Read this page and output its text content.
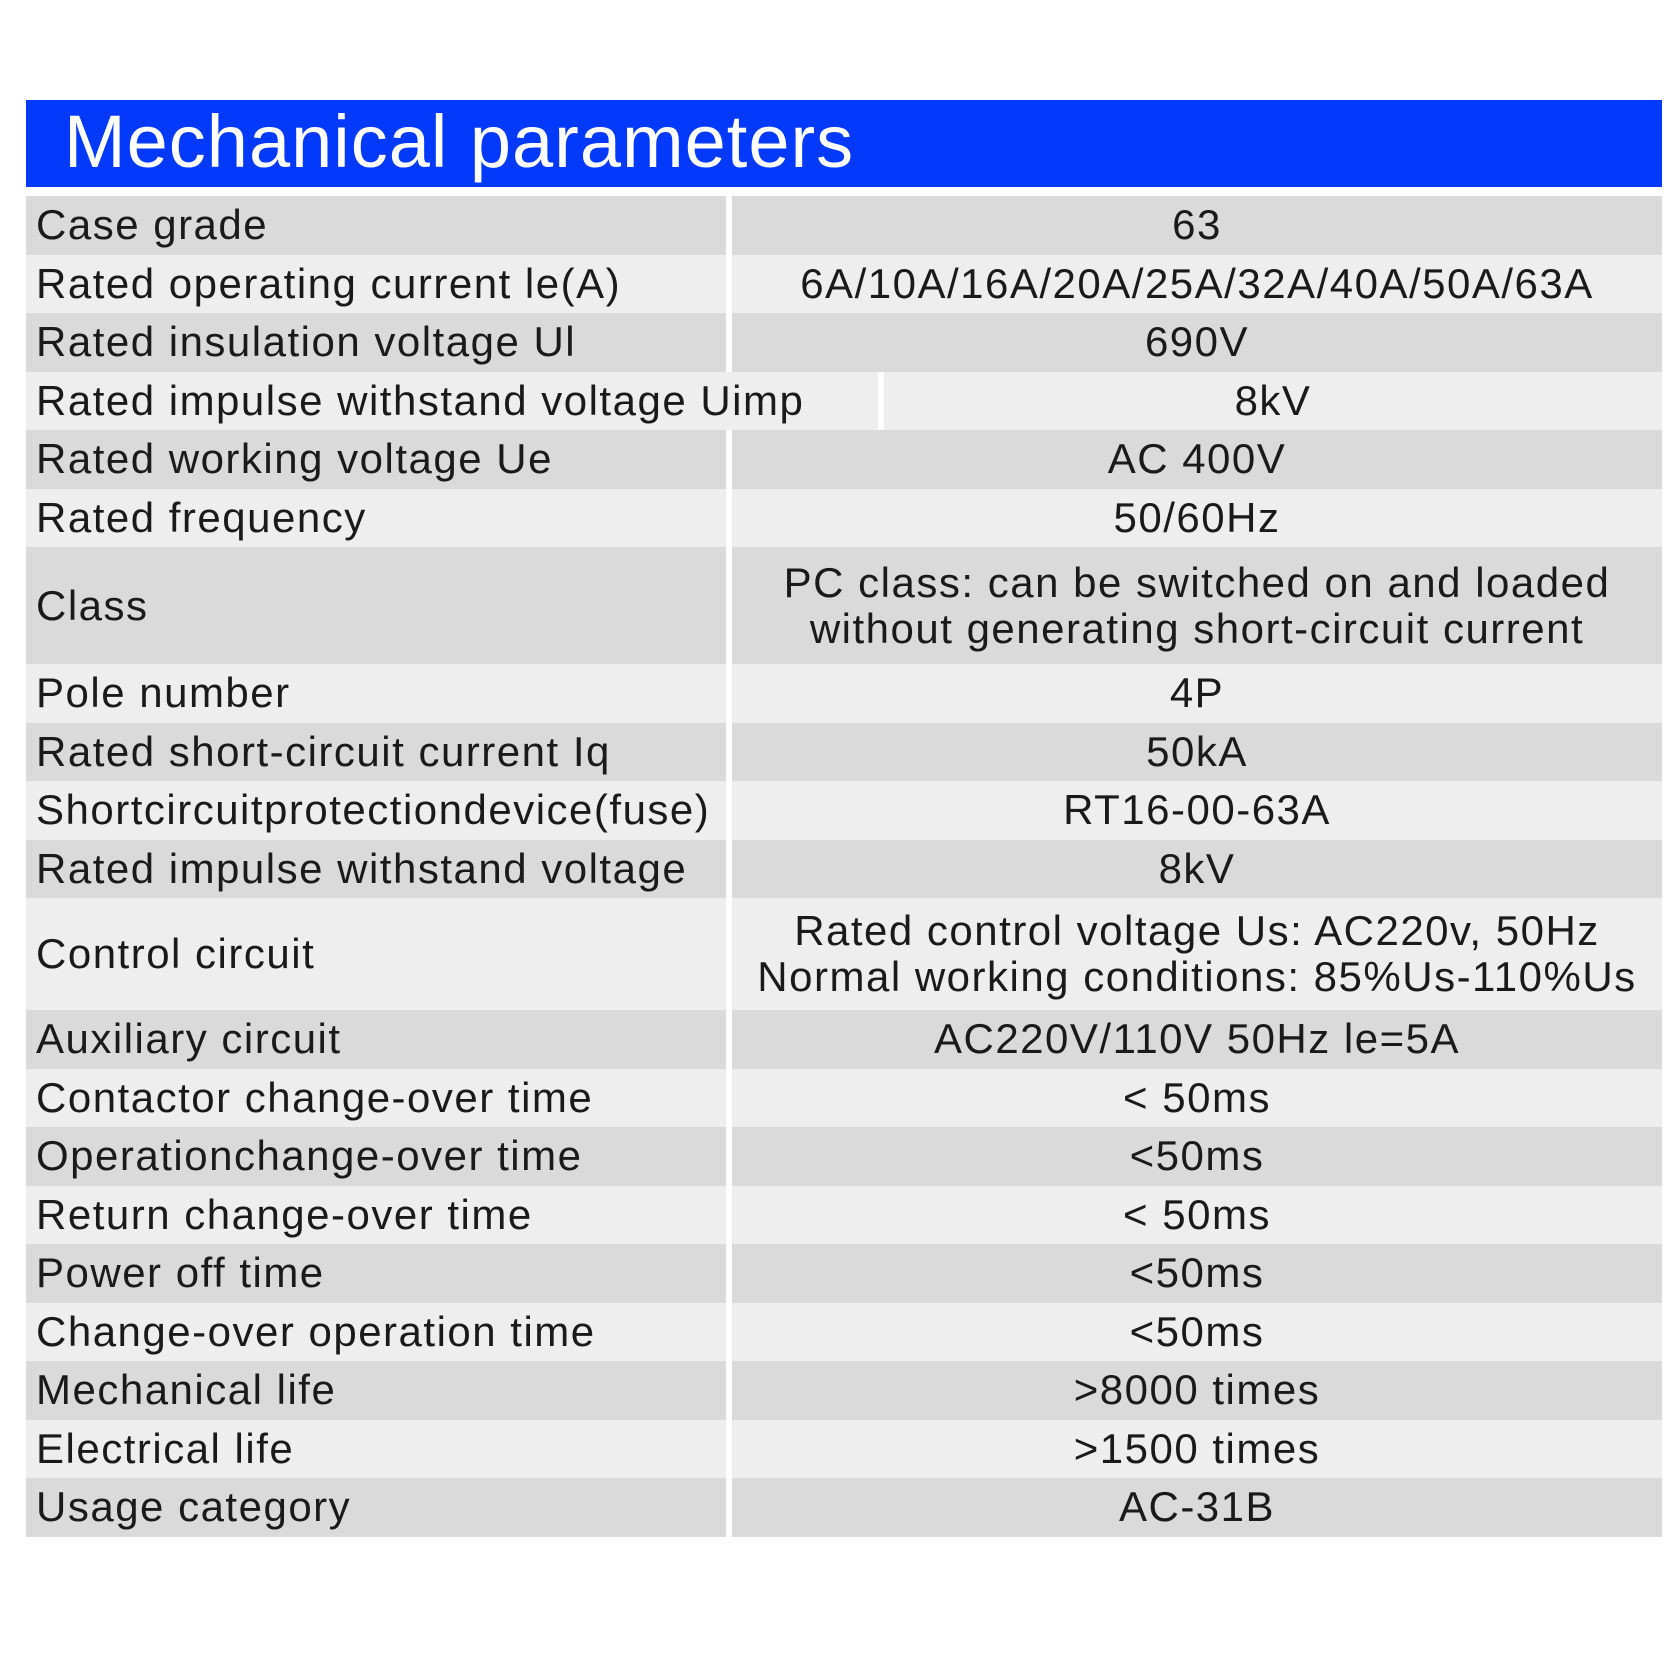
Mechanical parameters
Case grade	63
Rated operating current le(A)	6A/10A/16A/20A/25A/32A/40A/50A/63A
Rated insulation voltage Ul	690V
Rated impulse withstand voltage Uimp	8kV
Rated working voltage Ue	AC 400V
Rated frequency	50/60Hz
Class	PC class: can be switched on and loaded
without generating short-circuit current
Pole number	4P
Rated short-circuit current Iq	50kA
Shortcircuitprotectiondevice(fuse)	RT16-00-63A
Rated impulse withstand voltage	8kV
Control circuit	Rated control voltage Us: AC220v, 50Hz
Normal working conditions: 85%Us-110%Us
Auxiliary circuit	AC220V/110V 50Hz le=5A
Contactor change-over time	< 50ms
Operationchange-over time	<50ms
Return change-over time	< 50ms
Power off time	<50ms
Change-over operation time	<50ms
Mechanical life	>8000 times
Electrical life	>1500 times
Usage category	AC-31B
